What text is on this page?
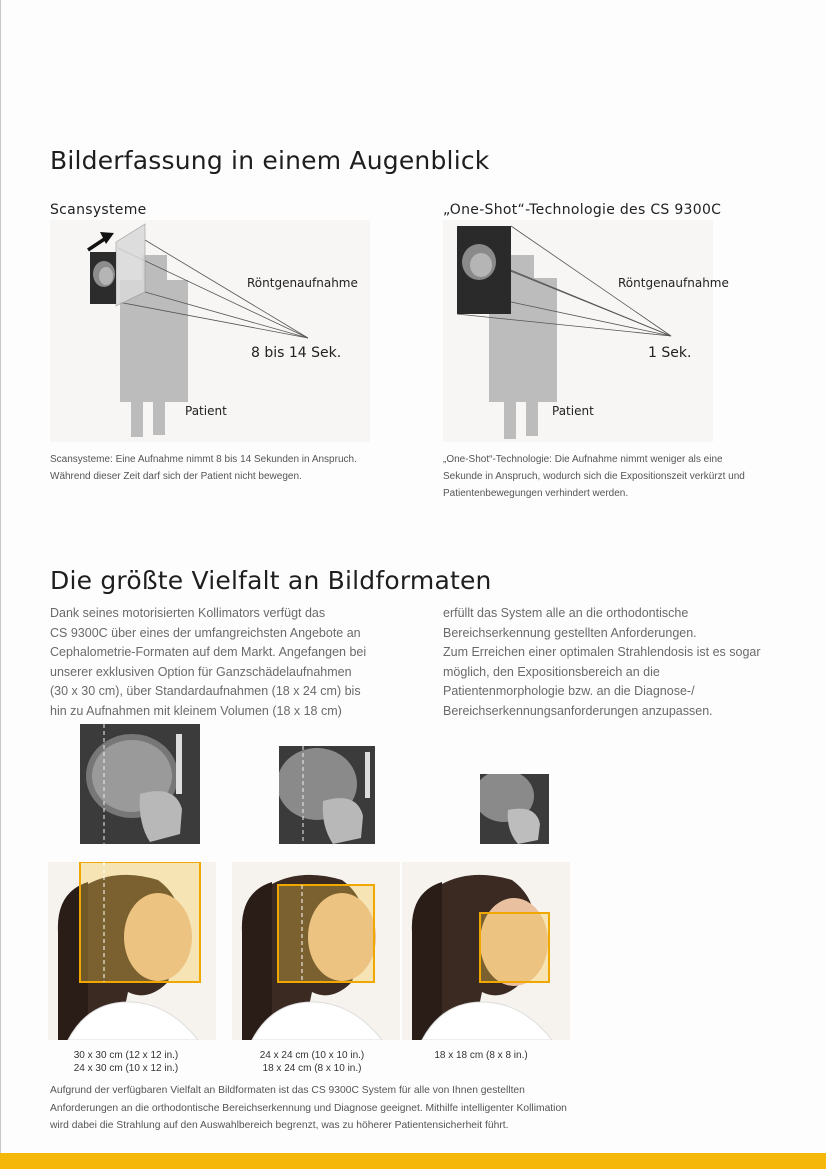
Bilderfassung in einem Augenblick
Scansysteme	„One-Shot“-Technologie des CS 9300C
Röntgenaufnahme
8 bis 14 Sek.
Patient
Scansysteme: Eine Aufnahme nimmt 8 bis 14 Sekunden in Anspruch.
Während dieser Zeit darf sich der Patient nicht bewegen.
Röntgenaufnahme
1 Sek.
Patient
„One-Shot“-Technologie: Die Aufnahme nimmt weniger als eine
Sekunde in Anspruch, wodurch sich die Expositionszeit verkürzt und
Patientenbewegungen verhindert werden.
Die größte Vielfalt an Bildformaten
Dank seines motorisierten Kollimators verfügt das
CS 9300C über eines der umfangreichsten Angebote an
Cephalometrie-Formaten auf dem Markt. Angefangen bei
unserer exklusiven Option für Ganzschädelaufnahmen
(30 x 30 cm), über Standardaufnahmen (18 x 24 cm) bis
hin zu Aufnahmen mit kleinem Volumen (18 x 18 cm)
erfüllt das System alle an die orthodontische
Bereichserkennung gestellten Anforderungen.
Zum Erreichen einer optimalen Strahlendosis ist es sogar
möglich, den Expositionsbereich an die
Patientenmorphologie bzw. an die Diagnose-/
Bereichserkennungsanforderungen anzupassen.
30 x 30 cm (12 x 12 in.)
24 x 30 cm (10 x 12 in.)
24 x 24 cm (10 x 10 in.)
18 x 24 cm (8 x 10 in.)
18 x 18 cm (8 x 8 in.)
Aufgrund der verfügbaren Vielfalt an Bildformaten ist das CS 9300C System für alle von Ihnen gestellten
Anforderungen an die orthodontische Bereichserkennung und Diagnose geeignet. Mithilfe intelligenter Kollimation
wird dabei die Strahlung auf den Auswahlbereich begrenzt, was zu höherer Patientensicherheit führt.
